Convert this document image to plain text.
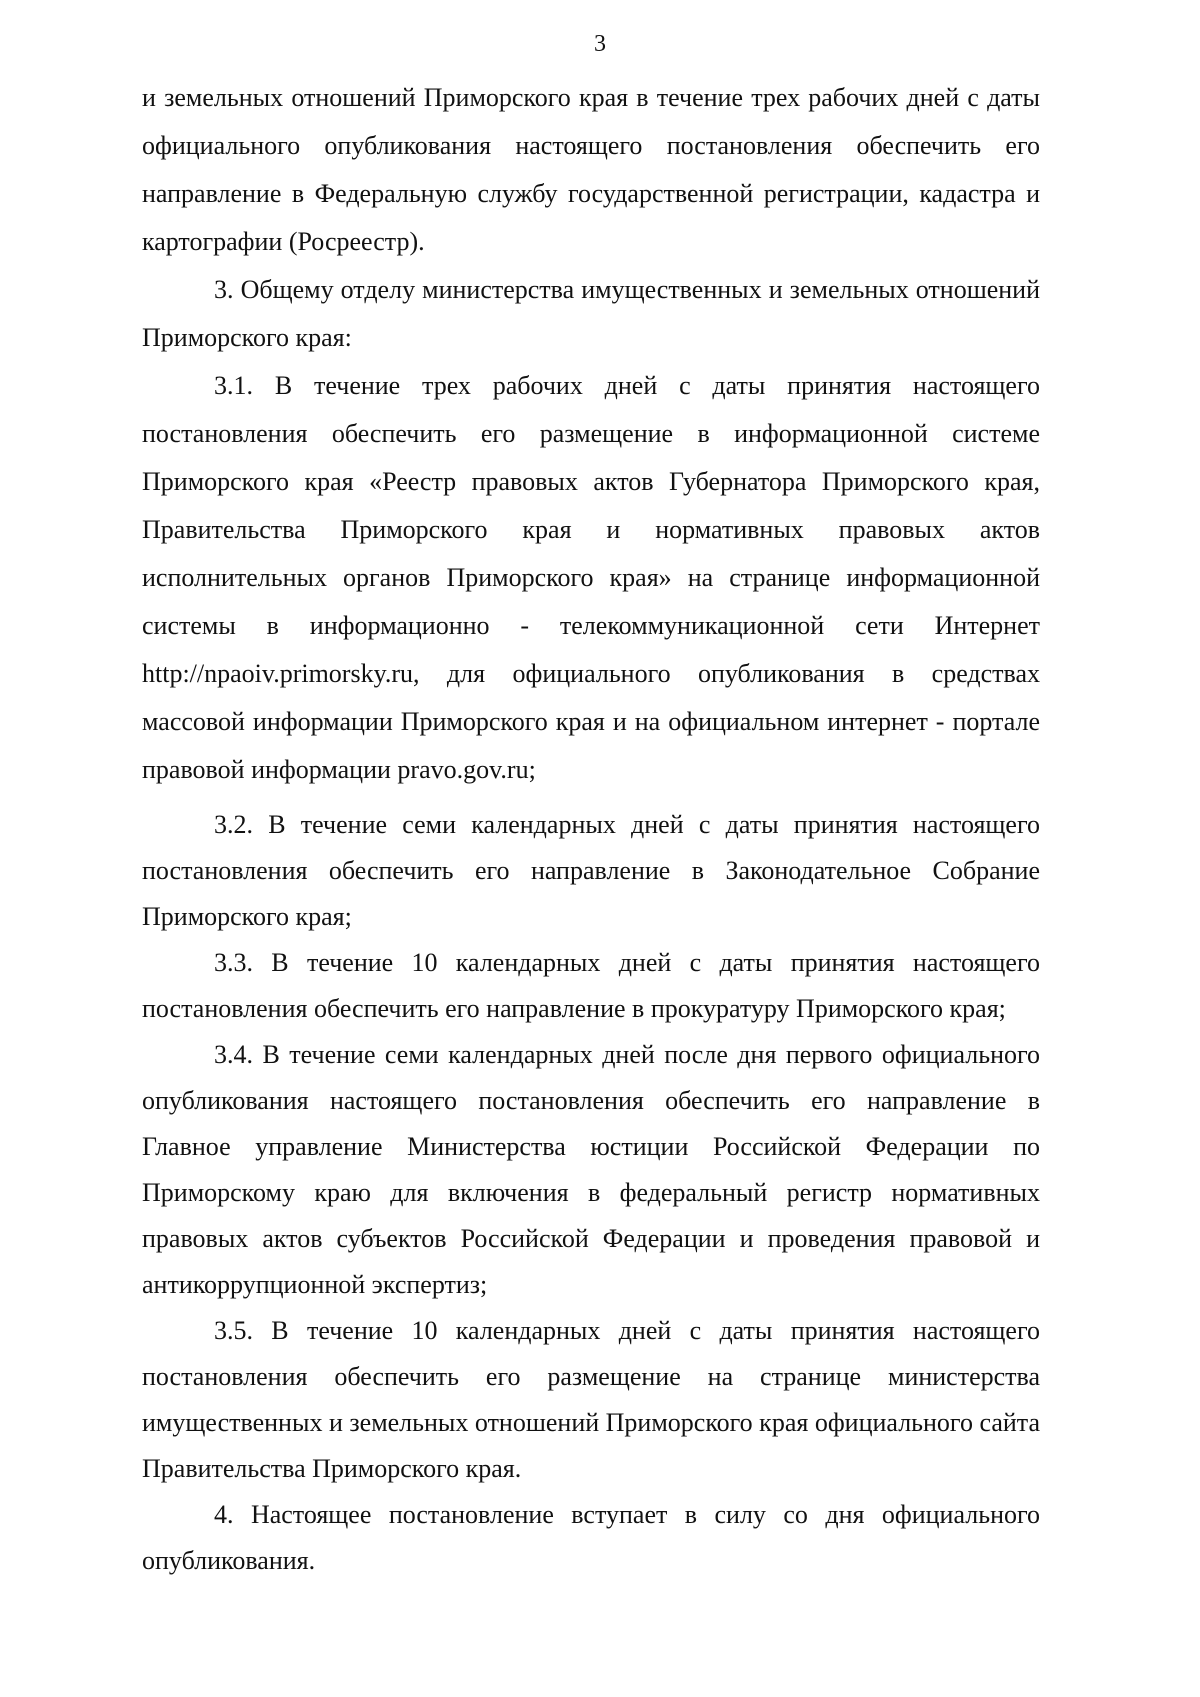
3

и земельных отношений Приморского края в течение трех рабочих дней с даты официального опубликования настоящего постановления обеспечить его направление в Федеральную службу государственной регистрации, кадастра и картографии (Росреестр).

3. Общему отделу министерства имущественных и земельных отношений Приморского края:

3.1. В течение трех рабочих дней с даты принятия настоящего постановления обеспечить его размещение в информационной системе Приморского края «Реестр правовых актов Губернатора Приморского края, Правительства Приморского края и нормативных правовых актов исполнительных органов Приморского края» на странице информационной системы в информационно - телекоммуникационной сети Интернет http://npaoiv.primorsky.ru, для официального опубликования в средствах массовой информации Приморского края и на официальном интернет - портале правовой информации pravo.gov.ru;

3.2. В течение семи календарных дней с даты принятия настоящего постановления обеспечить его направление в Законодательное Собрание Приморского края;

3.3. В течение 10 календарных дней с даты принятия настоящего постановления обеспечить его направление в прокуратуру Приморского края;

3.4. В течение семи календарных дней после дня первого официального опубликования настоящего постановления обеспечить его направление в Главное управление Министерства юстиции Российской Федерации по Приморскому краю для включения в федеральный регистр нормативных правовых актов субъектов Российской Федерации и проведения правовой и антикоррупционной экспертиз;

3.5. В течение 10 календарных дней с даты принятия настоящего постановления обеспечить его размещение на странице министерства имущественных и земельных отношений Приморского края официального сайта Правительства Приморского края.

4. Настоящее постановление вступает в силу со дня официального опубликования.
